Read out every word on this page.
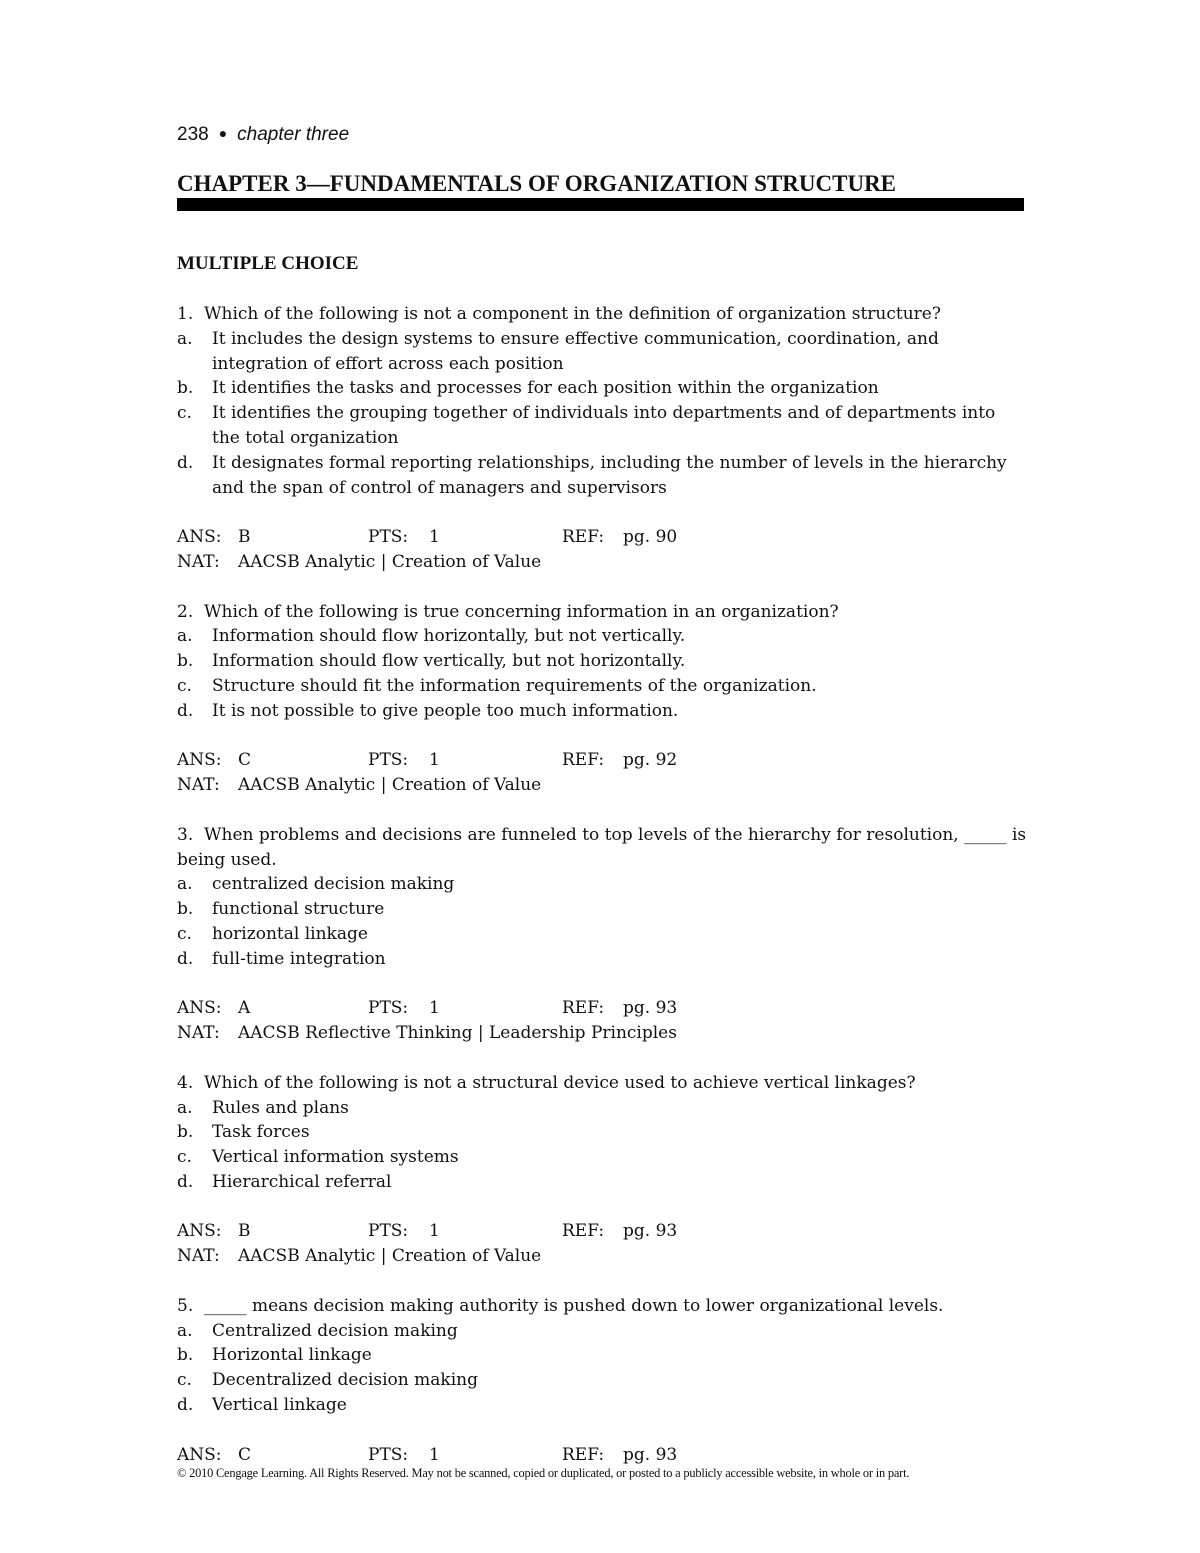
238 ● chapter three
CHAPTER 3—FUNDAMENTALS OF ORGANIZATION STRUCTURE
MULTIPLE CHOICE
1. Which of the following is not a component in the definition of organization structure?
a.	It includes the design systems to ensure effective communication, coordination, and integration of effort across each position
b.	It identifies the tasks and processes for each position within the organization
c.	It identifies the grouping together of individuals into departments and of departments into the total organization
d.	It designates formal reporting relationships, including the number of levels in the hierarchy and the span of control of managers and supervisors
ANS: B	PTS:	1	REF:	pg. 90
NAT:	AACSB Analytic | Creation of Value
2. Which of the following is true concerning information in an organization?
a.	Information should flow horizontally, but not vertically.
b.	Information should flow vertically, but not horizontally.
c.	Structure should fit the information requirements of the organization.
d.	It is not possible to give people too much information.
ANS: C	PTS:	1	REF:	pg. 92
NAT:	AACSB Analytic | Creation of Value
3. When problems and decisions are funneled to top levels of the hierarchy for resolution, _____ is being used.
a.	centralized decision making
b.	functional structure
c.	horizontal linkage
d.	full-time integration
ANS: A	PTS:	1	REF:	pg. 93
NAT:	AACSB Reflective Thinking | Leadership Principles
4. Which of the following is not a structural device used to achieve vertical linkages?
a.	Rules and plans
b.	Task forces
c.	Vertical information systems
d.	Hierarchical referral
ANS: B	PTS:	1	REF:	pg. 93
NAT:	AACSB Analytic | Creation of Value
5. _____ means decision making authority is pushed down to lower organizational levels.
a.	Centralized decision making
b.	Horizontal linkage
c.	Decentralized decision making
d.	Vertical linkage
ANS: C	PTS:	1	REF:	pg. 93
© 2010 Cengage Learning. All Rights Reserved. May not be scanned, copied or duplicated, or posted to a publicly accessible website, in whole or in part.
